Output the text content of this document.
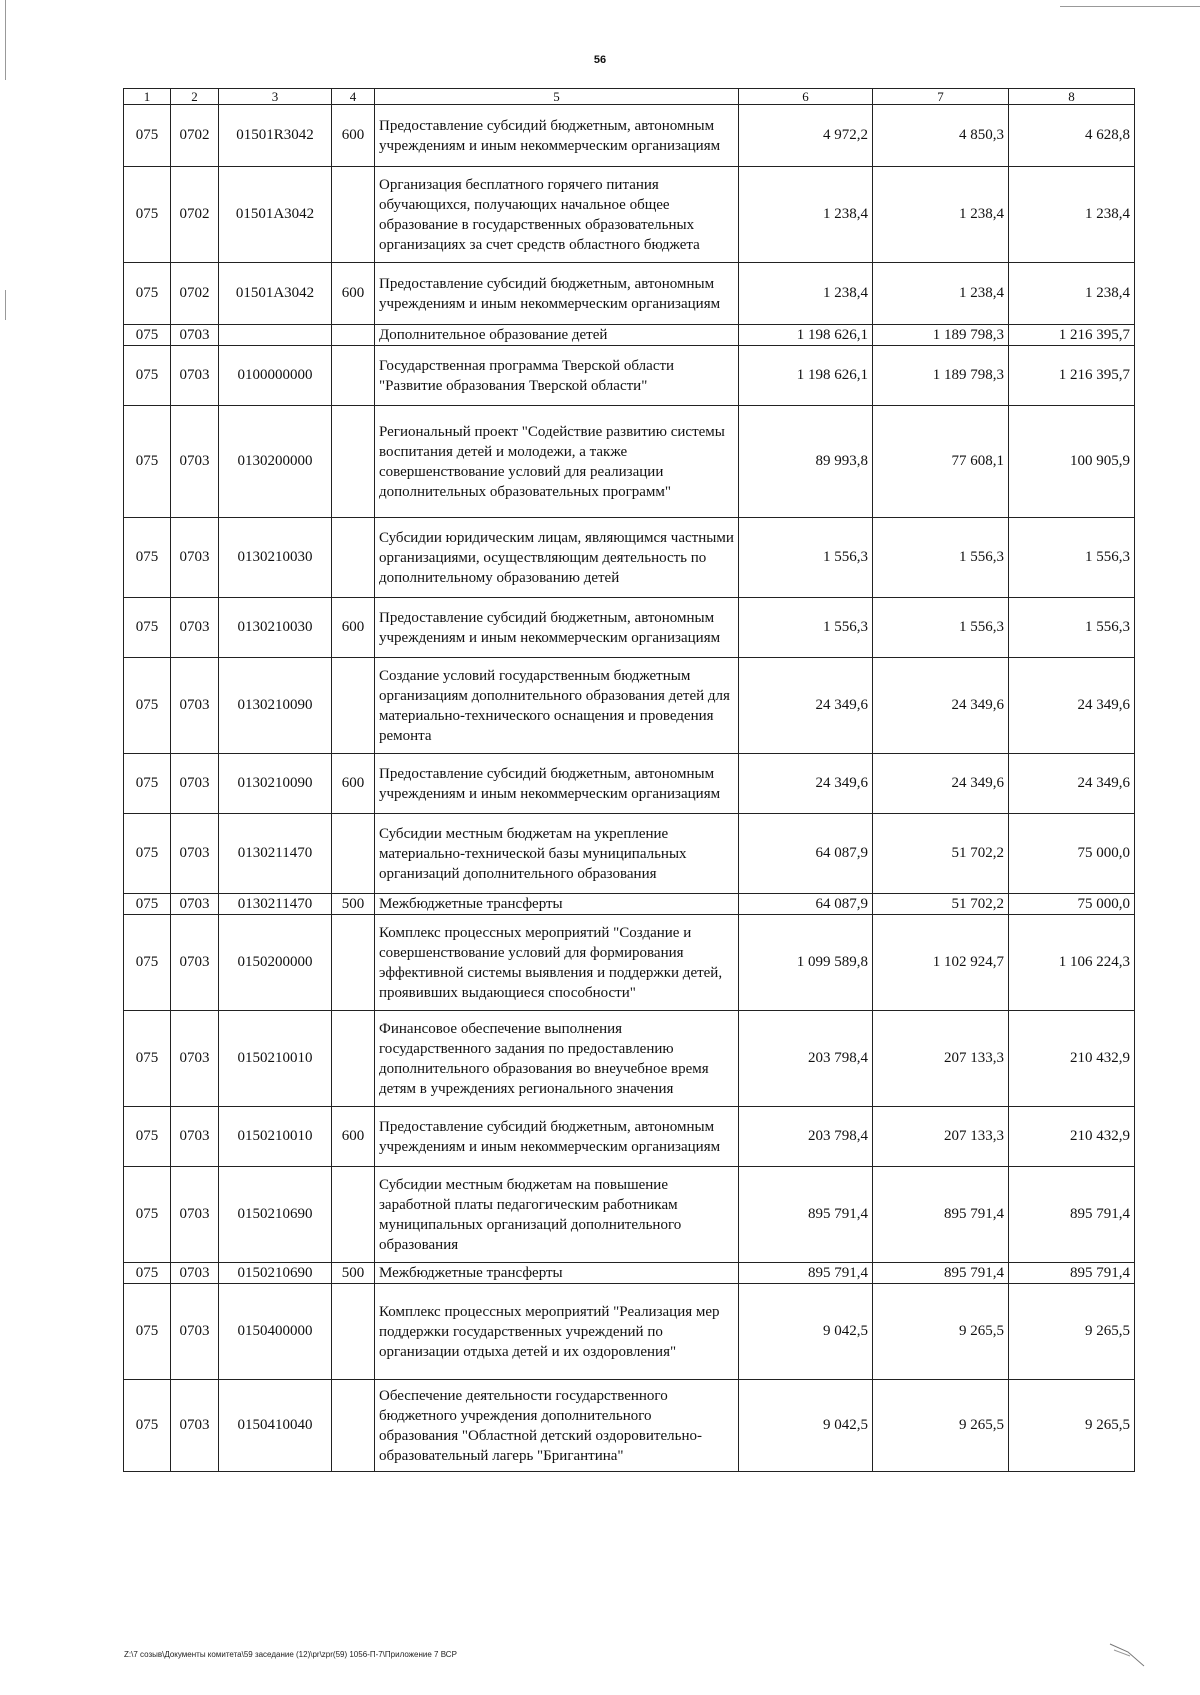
56
1	2	3	4	5	6	7	8
075	0702	01501R3042	600	Предоставление субсидий бюджетным, автономным учреждениям и иным некоммерческим организациям	4 972,2	4 850,3	4 628,8
075	0702	01501A3042		Организация бесплатного горячего питания обучающихся, получающих начальное общее образование в государственных образовательных организациях за счет средств областного бюджета	1 238,4	1 238,4	1 238,4
075	0702	01501A3042	600	Предоставление субсидий бюджетным, автономным учреждениям и иным некоммерческим организациям	1 238,4	1 238,4	1 238,4
075	0703			Дополнительное образование детей	1 198 626,1	1 189 798,3	1 216 395,7
075	0703	0100000000		Государственная программа Тверской области "Развитие образования Тверской области"	1 198 626,1	1 189 798,3	1 216 395,7
075	0703	0130200000		Региональный проект "Содействие развитию системы воспитания детей и молодежи, а также совершенствование условий для реализации дополнительных образовательных программ"	89 993,8	77 608,1	100 905,9
075	0703	0130210030		Субсидии юридическим лицам, являющимся частными организациями, осуществляющим деятельность по дополнительному образованию детей	1 556,3	1 556,3	1 556,3
075	0703	0130210030	600	Предоставление субсидий бюджетным, автономным учреждениям и иным некоммерческим организациям	1 556,3	1 556,3	1 556,3
075	0703	0130210090		Создание условий государственным бюджетным организациям дополнительного образования детей для материально-технического оснащения и проведения ремонта	24 349,6	24 349,6	24 349,6
075	0703	0130210090	600	Предоставление субсидий бюджетным, автономным учреждениям и иным некоммерческим организациям	24 349,6	24 349,6	24 349,6
075	0703	0130211470		Субсидии местным бюджетам на укрепление материально-технической базы муниципальных организаций дополнительного образования	64 087,9	51 702,2	75 000,0
075	0703	0130211470	500	Межбюджетные трансферты	64 087,9	51 702,2	75 000,0
075	0703	0150200000		Комплекс процессных мероприятий "Создание и совершенствование условий для формирования эффективной системы выявления и поддержки детей, проявивших выдающиеся способности"	1 099 589,8	1 102 924,7	1 106 224,3
075	0703	0150210010		Финансовое обеспечение выполнения государственного задания по предоставлению дополнительного образования во внеучебное время детям в учреждениях регионального значения	203 798,4	207 133,3	210 432,9
075	0703	0150210010	600	Предоставление субсидий бюджетным, автономным учреждениям и иным некоммерческим организациям	203 798,4	207 133,3	210 432,9
075	0703	0150210690		Субсидии местным бюджетам на повышение заработной платы педагогическим работникам муниципальных организаций дополнительного образования	895 791,4	895 791,4	895 791,4
075	0703	0150210690	500	Межбюджетные трансферты	895 791,4	895 791,4	895 791,4
075	0703	0150400000		Комплекс процессных мероприятий "Реализация мер поддержки государственных учреждений по организации отдыха детей и их оздоровления"	9 042,5	9 265,5	9 265,5
075	0703	0150410040		Обеспечение деятельности государственного бюджетного учреждения дополнительного образования "Областной детский оздоровительно-образовательный лагерь "Бригантина"	9 042,5	9 265,5	9 265,5
Z:\7 созыв\Документы комитета\59 заседание (12)\pr\zpr(59) 1056-П-7\Приложение 7 ВСР
